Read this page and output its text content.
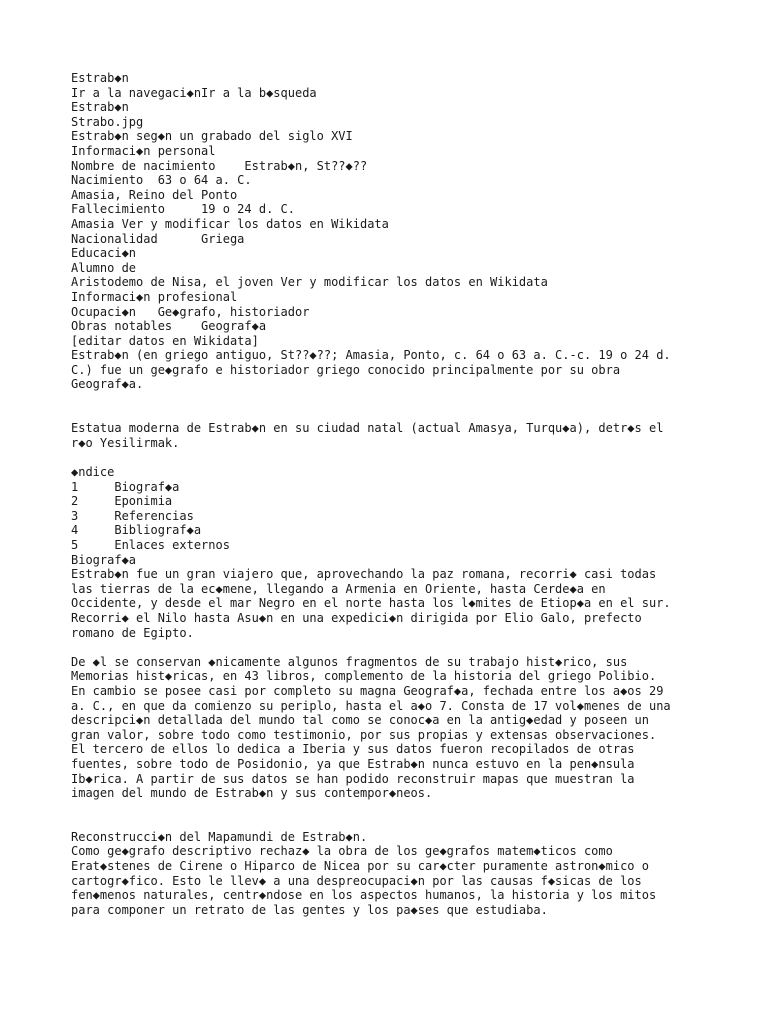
Estrab◆n
Ir a la navegaci◆nIr a la b◆squeda
Estrab◆n
Strabo.jpg
Estrab◆n seg◆n un grabado del siglo XVI
Informaci◆n personal
Nombre de nacimiento    Estrab◆n, St??◆??
Nacimiento  63 o 64 a. C.
Amasia, Reino del Ponto
Fallecimiento     19 o 24 d. C.
Amasia Ver y modificar los datos en Wikidata
Nacionalidad      Griega
Educaci◆n
Alumno de
Aristodemo de Nisa, el joven Ver y modificar los datos en Wikidata
Informaci◆n profesional
Ocupaci◆n   Ge◆grafo, historiador
Obras notables    Geograf◆a
[editar datos en Wikidata]
Estrab◆n (en griego antiguo, St??◆??; Amasia, Ponto, c. 64 o 63 a. C.-c. 19 o 24 d.
C.) fue un ge◆grafo e historiador griego conocido principalmente por su obra
Geograf◆a.
Estatua moderna de Estrab◆n en su ciudad natal (actual Amasya, Turqu◆a), detr◆s el
r◆o Yesilirmak.
◆ndice
1     Biograf◆a
2     Eponimia
3     Referencias
4     Bibliograf◆a
5     Enlaces externos
Biograf◆a
Estrab◆n fue un gran viajero que, aprovechando la paz romana, recorri◆ casi todas
las tierras de la ec◆mene, llegando a Armenia en Oriente, hasta Cerde◆a en
Occidente, y desde el mar Negro en el norte hasta los l◆mites de Etiop◆a en el sur.
Recorri◆ el Nilo hasta Asu◆n en una expedici◆n dirigida por Elio Galo, prefecto
romano de Egipto.
De ◆l se conservan ◆nicamente algunos fragmentos de su trabajo hist◆rico, sus
Memorias hist◆ricas, en 43 libros, complemento de la historia del griego Polibio.
En cambio se posee casi por completo su magna Geograf◆a, fechada entre los a◆os 29
a. C., en que da comienzo su periplo, hasta el a◆o 7. Consta de 17 vol◆menes de una
descripci◆n detallada del mundo tal como se conoc◆a en la antig◆edad y poseen un
gran valor, sobre todo como testimonio, por sus propias y extensas observaciones.
El tercero de ellos lo dedica a Iberia y sus datos fueron recopilados de otras
fuentes, sobre todo de Posidonio, ya que Estrab◆n nunca estuvo en la pen◆nsula
Ib◆rica. A partir de sus datos se han podido reconstruir mapas que muestran la
imagen del mundo de Estrab◆n y sus contempor◆neos.
Reconstrucci◆n del Mapamundi de Estrab◆n.
Como ge◆grafo descriptivo rechaz◆ la obra de los ge◆grafos matem◆ticos como
Erat◆stenes de Cirene o Hiparco de Nicea por su car◆cter puramente astron◆mico o
cartogr◆fico. Esto le llev◆ a una despreocupaci◆n por las causas f◆sicas de los
fen◆menos naturales, centr◆ndose en los aspectos humanos, la historia y los mitos
para componer un retrato de las gentes y los pa◆ses que estudiaba.
